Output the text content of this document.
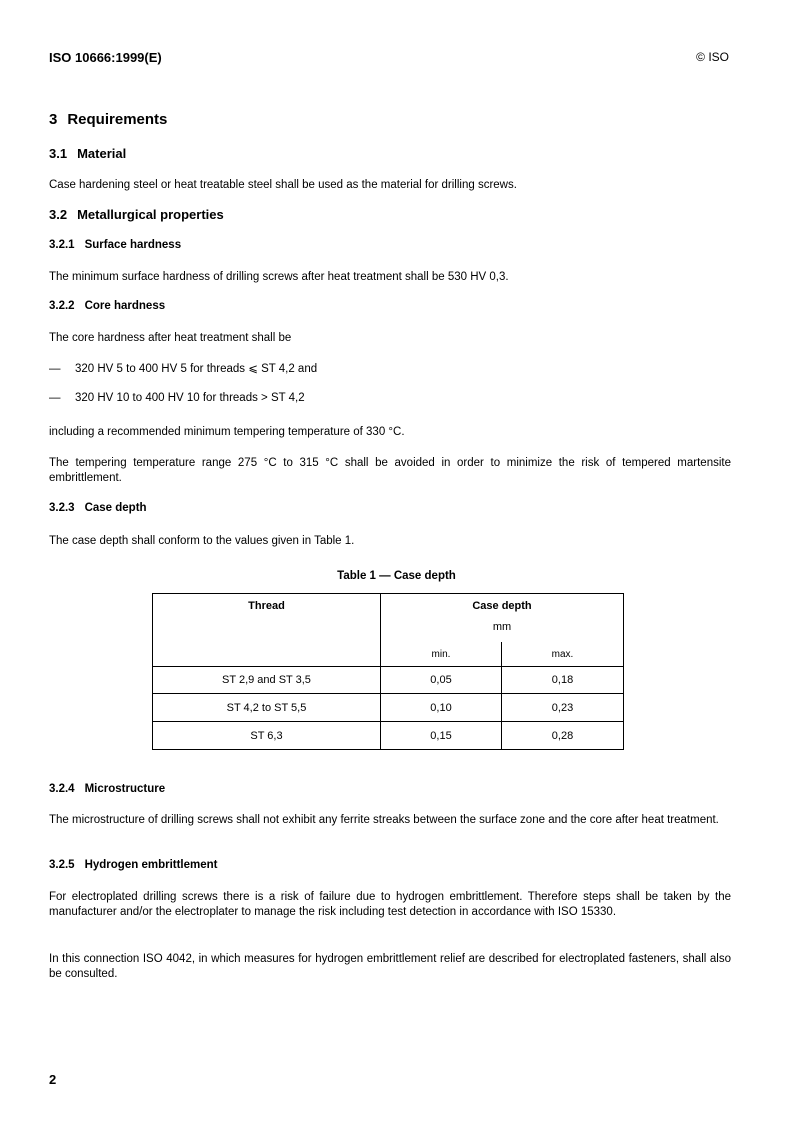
ISO 10666:1999(E)	© ISO
3 Requirements
3.1 Material
Case hardening steel or heat treatable steel shall be used as the material for drilling screws.
3.2 Metallurgical properties
3.2.1 Surface hardness
The minimum surface hardness of drilling screws after heat treatment shall be 530 HV 0,3.
3.2.2 Core hardness
The core hardness after heat treatment shall be
— 320 HV 5 to 400 HV 5 for threads ⩽ ST 4,2 and
— 320 HV 10 to 400 HV 10 for threads > ST 4,2
including a recommended minimum tempering temperature of 330 °C.
The tempering temperature range 275 °C to 315 °C shall be avoided in order to minimize the risk of tempered martensite embrittlement.
3.2.3 Case depth
The case depth shall conform to the values given in Table 1.
Table 1 — Case depth
Thread	Case depth
mm
min.	max.
ST 2,9 and ST 3,5	0,05	0,18
ST 4,2 to ST 5,5	0,10	0,23
ST 6,3	0,15	0,28
3.2.4 Microstructure
The microstructure of drilling screws shall not exhibit any ferrite streaks between the surface zone and the core after heat treatment.
3.2.5 Hydrogen embrittlement
For electroplated drilling screws there is a risk of failure due to hydrogen embrittlement. Therefore steps shall be taken by the manufacturer and/or the electroplater to manage the risk including test detection in accordance with ISO 15330.
In this connection ISO 4042, in which measures for hydrogen embrittlement relief are described for electroplated fasteners, shall also be consulted.
2
